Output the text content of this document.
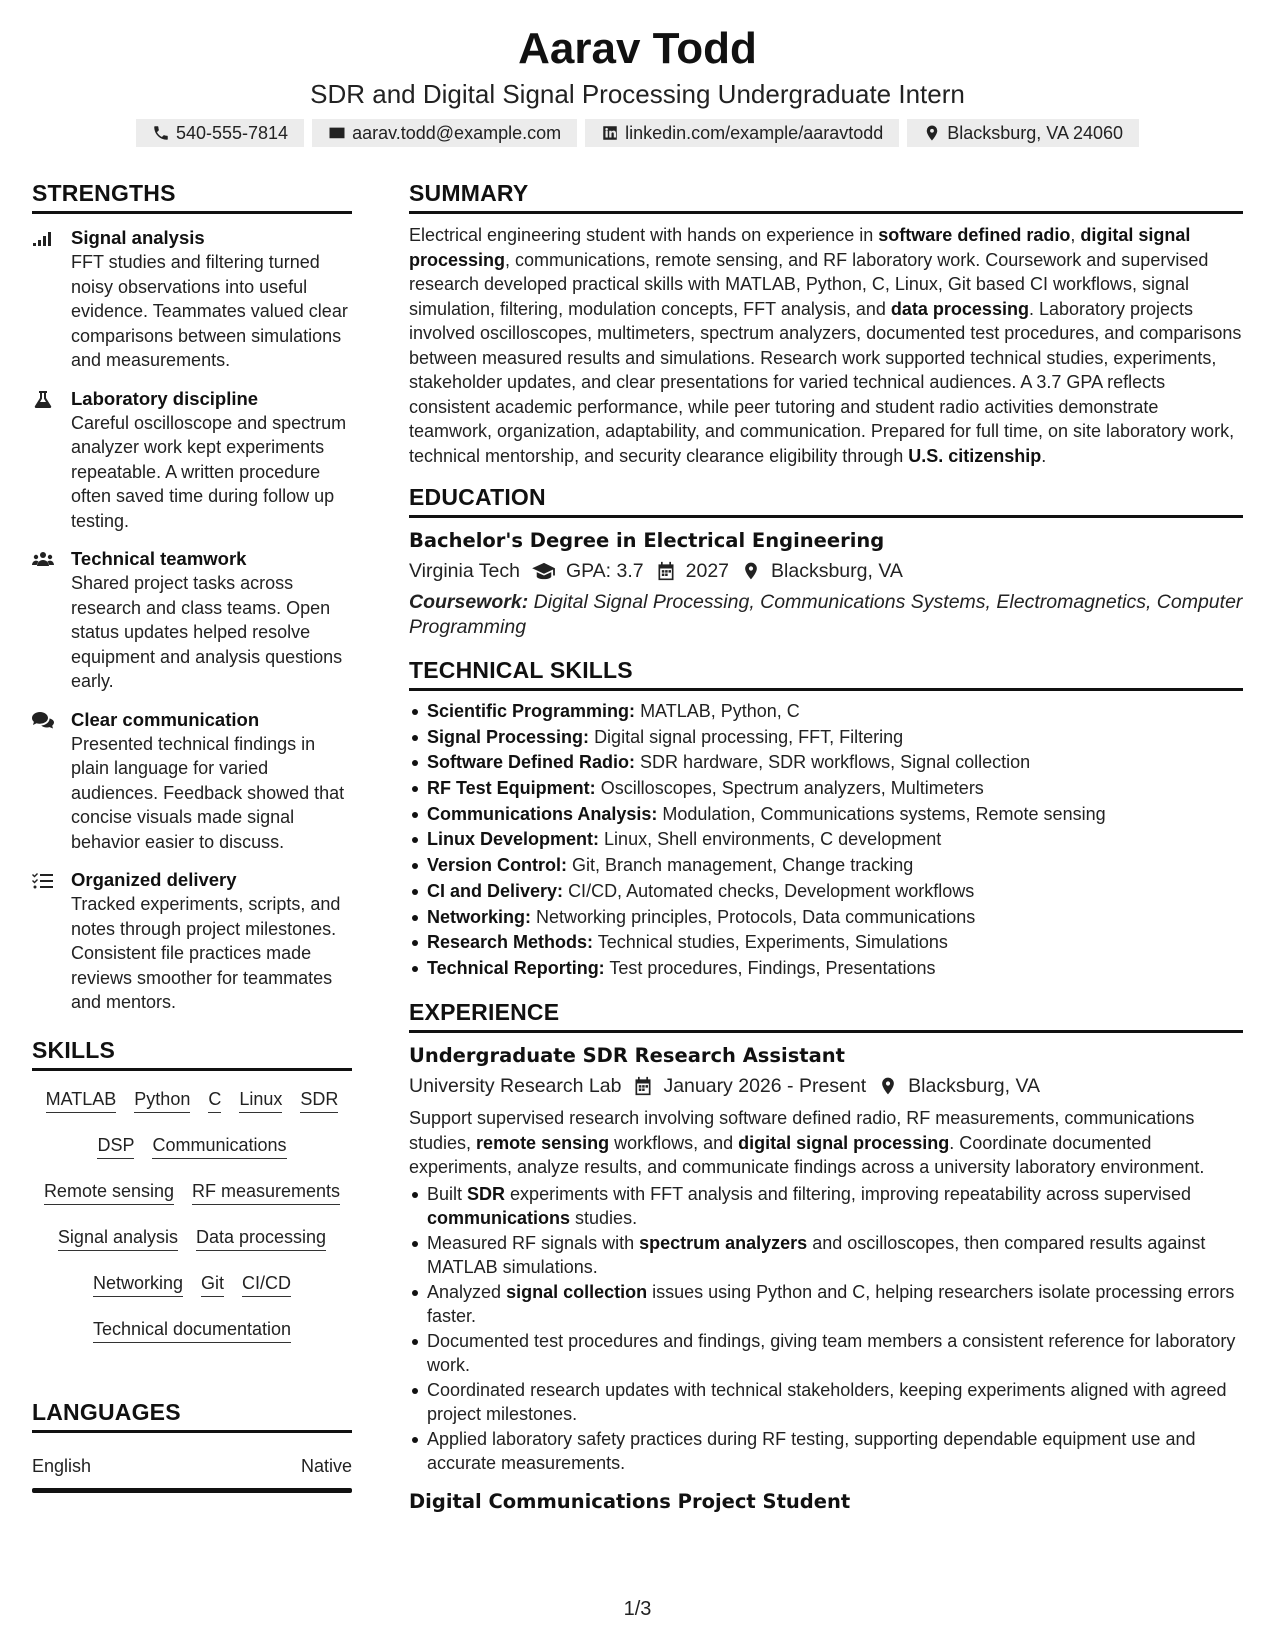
Aarav Todd
SDR and Digital Signal Processing Undergraduate Intern
540-555-7814	aarav.todd@example.com	linkedin.com/example/aaravtodd	Blacksburg, VA 24060
STRENGTHS
Signal analysis
FFT studies and filtering turned noisy observations into useful evidence. Teammates valued clear comparisons between simulations and measurements.
Laboratory discipline
Careful oscilloscope and spectrum analyzer work kept experiments repeatable. A written procedure often saved time during follow up testing.
Technical teamwork
Shared project tasks across research and class teams. Open status updates helped resolve equipment and analysis questions early.
Clear communication
Presented technical findings in plain language for varied audiences. Feedback showed that concise visuals made signal behavior easier to discuss.
Organized delivery
Tracked experiments, scripts, and notes through project milestones. Consistent file practices made reviews smoother for teammates and mentors.
SKILLS
MATLAB Python C Linux SDR
DSP Communications
Remote sensing RF measurements
Signal analysis Data processing
Networking Git CI/CD
Technical documentation
LANGUAGES
English	Native
SUMMARY

Electrical engineering student with hands on experience in software defined radio, digital signal processing, communications, remote sensing, and RF laboratory work. Coursework and supervised research developed practical skills with MATLAB, Python, C, Linux, Git based CI workflows, signal simulation, filtering, modulation concepts, FFT analysis, and data processing. Laboratory projects involved oscilloscopes, multimeters, spectrum analyzers, documented test procedures, and comparisons between measured results and simulations. Research work supported technical studies, experiments, stakeholder updates, and clear presentations for varied technical audiences. A 3.7 GPA reflects consistent academic performance, while peer tutoring and student radio activities demonstrate teamwork, organization, adaptability, and communication. Prepared for full time, on site laboratory work, technical mentorship, and security clearance eligibility through U.S. citizenship.

EDUCATION
Bachelor's Degree in Electrical Engineering
Virginia Tech GPA: 3.7 2027 Blacksburg, VA
Coursework: Digital Signal Processing, Communications Systems, Electromagnetics, Computer Programming
TECHNICAL SKILLS
Scientific Programming: MATLAB, Python, C
Signal Processing: Digital signal processing, FFT, Filtering
Software Defined Radio: SDR hardware, SDR workflows, Signal collection
RF Test Equipment: Oscilloscopes, Spectrum analyzers, Multimeters
Communications Analysis: Modulation, Communications systems, Remote sensing
Linux Development: Linux, Shell environments, C development
Version Control: Git, Branch management, Change tracking
CI and Delivery: CI/CD, Automated checks, Development workflows
Networking: Networking principles, Protocols, Data communications
Research Methods: Technical studies, Experiments, Simulations
Technical Reporting: Test procedures, Findings, Presentations
EXPERIENCE
Undergraduate SDR Research Assistant
University Research Lab January 2026 - Present Blacksburg, VA

Support supervised research involving software defined radio, RF measurements, communications studies, remote sensing workflows, and digital signal processing. Coordinate documented experiments, analyze results, and communicate findings across a university laboratory environment.

Built SDR experiments with FFT analysis and filtering, improving repeatability across supervised communications studies.
Measured RF signals with spectrum analyzers and oscilloscopes, then compared results against MATLAB simulations.
Analyzed signal collection issues using Python and C, helping researchers isolate processing errors faster.
Documented test procedures and findings, giving team members a consistent reference for laboratory work.
Coordinated research updates with technical stakeholders, keeping experiments aligned with agreed project milestones.
Applied laboratory safety practices during RF testing, supporting dependable equipment use and accurate measurements.
Digital Communications Project Student
1/3
